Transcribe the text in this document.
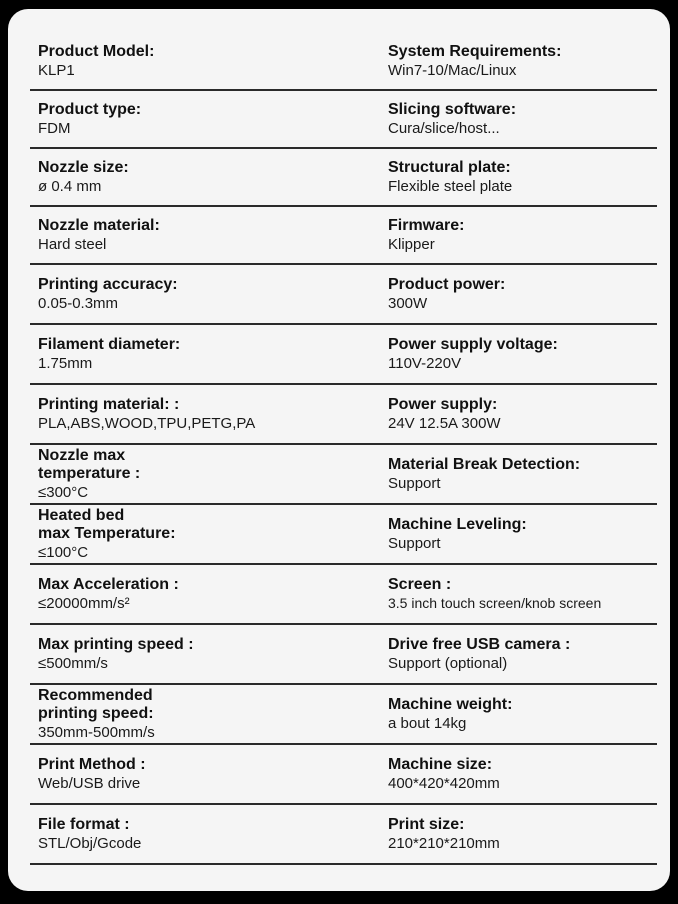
Product Model:
KLP1
System Requirements:
Win7-10/Mac/Linux
Product type:
FDM
Slicing software:
Cura/slice/host...
Nozzle size:
ø 0.4 mm
Structural plate:
Flexible steel plate
Nozzle material:
Hard steel
Firmware:
Klipper
Printing accuracy:
0.05-0.3mm
Product power:
300W
Filament diameter:
1.75mm
Power supply voltage:
110V-220V
Printing material: :
PLA,ABS,WOOD,TPU,PETG,PA
Power supply:
24V 12.5A 300W
Nozzle max
temperature :
≤300°C
Material Break Detection:
Support
Heated bed
max Temperature:
≤100°C
Machine Leveling:
Support
Max Acceleration :
≤20000mm/s²
Screen :
3.5 inch touch screen/knob screen
Max printing speed :
≤500mm/s
Drive free USB camera :
Support (optional)
Recommended
printing speed:
350mm-500mm/s
Machine weight:
a bout 14kg
Print Method :
Web/USB drive
Machine size:
400*420*420mm
File format :
STL/Obj/Gcode
Print size:
210*210*210mm
